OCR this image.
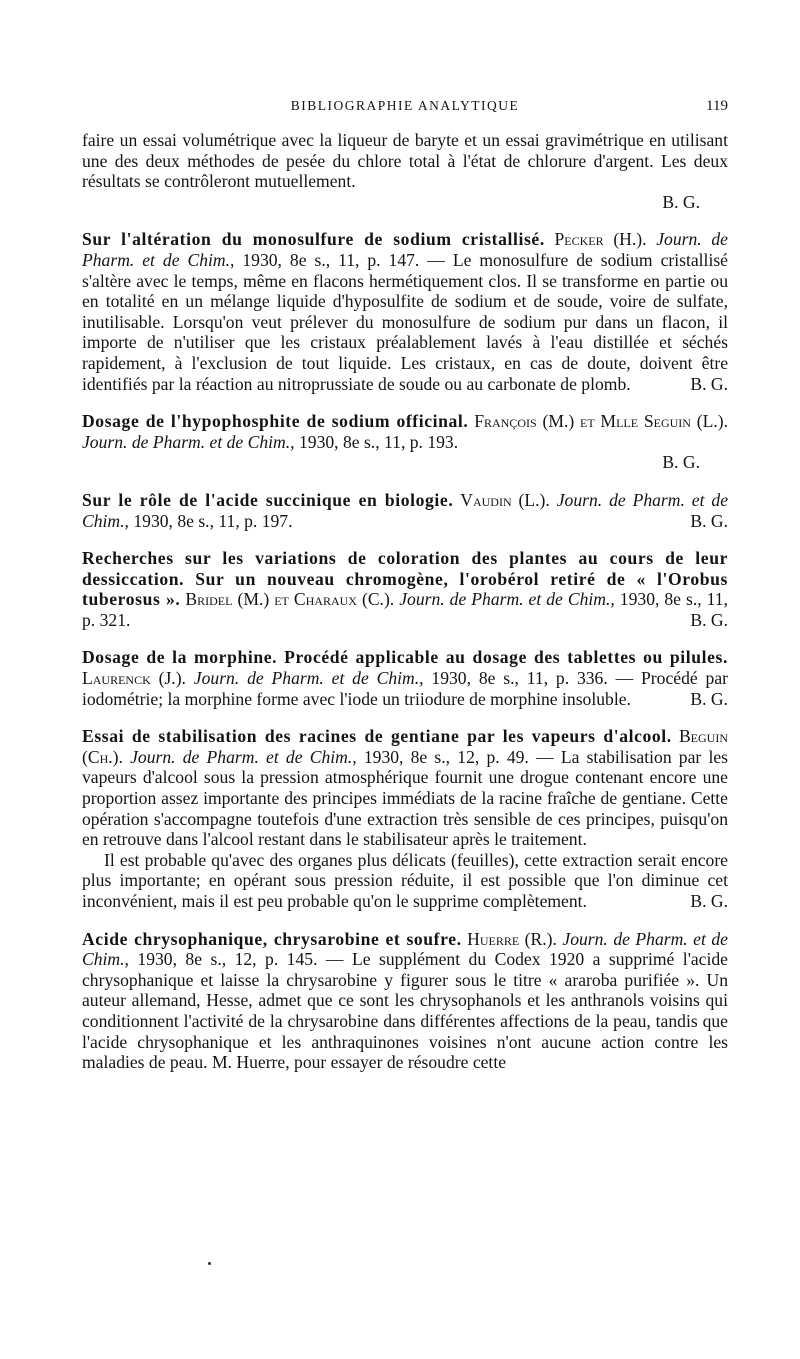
BIBLIOGRAPHIE ANALYTIQUE	119

faire un essai volumétrique avec la liqueur de baryte et un essai gravimétrique en utilisant une des deux méthodes de pesée du chlore total à l'état de chlorure d'argent. Les deux résultats se contrôleront mutuellement.

B. G.

Sur l'altération du monosulfure de sodium cristallisé. Pecker (H.). Journ. de Pharm. et de Chim., 1930, 8e s., 11, p. 147. — Le monosulfure de sodium cristallisé s'altère avec le temps, même en flacons hermétiquement clos. Il se transforme en partie ou en totalité en un mélange liquide d'hyposulfite de sodium et de soude, voire de sulfate, inutilisable. Lorsqu'on veut prélever du monosulfure de sodium pur dans un flacon, il importe de n'utiliser que les cristaux préalablement lavés à l'eau distillée et séchés rapidement, à l'exclusion de tout liquide. Les cristaux, en cas de doute, doivent être identifiés par la réaction au nitroprussiate de soude ou au carbonate de plomb.	B. G.

Dosage de l'hypophosphite de sodium officinal. François (M.) et Mlle Seguin (L.). Journ. de Pharm. et de Chim., 1930, 8e s., 11, p. 193.

B. G.

Sur le rôle de l'acide succinique en biologie. Vaudin (L.). Journ. de Pharm. et de Chim., 1930, 8e s., 11, p. 197.	B. G.

Recherches sur les variations de coloration des plantes au cours de leur dessiccation. Sur un nouveau chromogène, l'orobérol retiré de « l'Orobus tuberosus ». Bridel (M.) et Charaux (C.). Journ. de Pharm. et de Chim., 1930, 8e s., 11, p. 321.	B. G.

Dosage de la morphine. Procédé applicable au dosage des tablettes ou pilules. Laurenck (J.). Journ. de Pharm. et de Chim., 1930, 8e s., 11, p. 336. — Procédé par iodométrie; la morphine forme avec l'iode un triiodure de morphine insoluble.	B. G.

Essai de stabilisation des racines de gentiane par les vapeurs d'alcool. Beguin (Ch.). Journ. de Pharm. et de Chim., 1930, 8e s., 12, p. 49. — La stabilisation par les vapeurs d'alcool sous la pression atmosphérique fournit une drogue contenant encore une proportion assez importante des principes immédiats de la racine fraîche de gentiane. Cette opération s'accompagne toutefois d'une extraction très sensible de ces principes, puisqu'on en retrouve dans l'alcool restant dans le stabilisateur après le traitement.

Il est probable qu'avec des organes plus délicats (feuilles), cette extraction serait encore plus importante; en opérant sous pression réduite, il est possible que l'on diminue cet inconvénient, mais il est peu probable qu'on le supprime complètement.	B. G.

Acide chrysophanique, chrysarobine et soufre. Huerre (R.). Journ. de Pharm. et de Chim., 1930, 8e s., 12, p. 145. — Le supplément du Codex 1920 a supprimé l'acide chrysophanique et laisse la chrysarobine y figurer sous le titre « araroba purifiée ». Un auteur allemand, Hesse, admet que ce sont les chrysophanols et les anthranols voisins qui conditionnent l'activité de la chrysarobine dans différentes affections de la peau, tandis que l'acide chrysophanique et les anthraquinones voisines n'ont aucune action contre les maladies de peau. M. Huerre, pour essayer de résoudre cette
